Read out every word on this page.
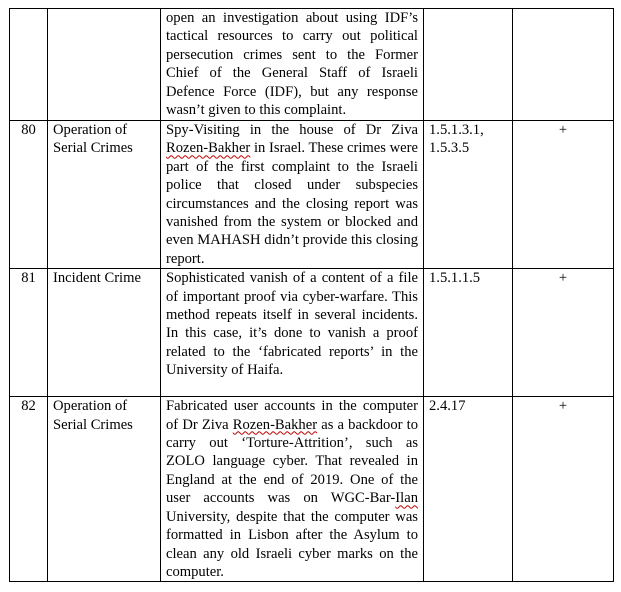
		open an investigation about using IDF’s tactical resources to carry out political persecution crimes sent to the Former Chief of the General Staff of Israeli Defence Force (IDF), but any response wasn’t given to this complaint.		
80	Operation of Serial Crimes	Spy-Visiting in the house of Dr Ziva Rozen-Bakher in Israel. These crimes were part of the first complaint to the Israeli police that closed under subspecies circumstances and the closing report was vanished from the system or blocked and even MAHASH didn’t provide this closing report.	1.5.1.3.1, 1.5.3.5	+
81	Incident Crime	Sophisticated vanish of a content of a file of important proof via cyber-warfare. This method repeats itself in several incidents. In this case, it’s done to vanish a proof related to the ‘fabricated reports’ in the University of Haifa.	1.5.1.1.5	+
82	Operation of Serial Crimes	Fabricated user accounts in the computer of Dr Ziva Rozen-Bakher as a backdoor to carry out ‘Torture-Attrition’, such as ZOLO language cyber. That revealed in England at the end of 2019. One of the user accounts was on WGC-Bar-Ilan University, despite that the computer was formatted in Lisbon after the Asylum to clean any old Israeli cyber marks on the computer.	2.4.17	+
